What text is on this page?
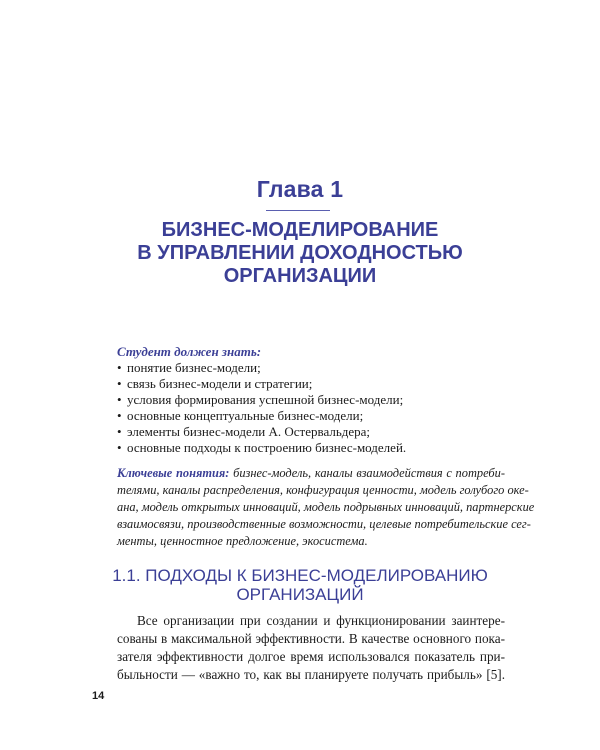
Глава 1
БИЗНЕС-МОДЕЛИРОВАНИЕ
В УПРАВЛЕНИИ ДОХОДНОСТЬЮ
ОРГАНИЗАЦИИ
Студент должен знать:
• понятие бизнес-модели;
• связь бизнес-модели и стратегии;
• условия формирования успешной бизнес-модели;
• основные концептуальные бизнес-модели;
• элементы бизнес-модели А. Остервальдера;
• основные подходы к построению бизнес-моделей.
Ключевые понятия: бизнес-модель, каналы взаимодействия с потреби-
телями, каналы распределения, конфигурация ценности, модель голубого оке-
ана, модель открытых инноваций, модель подрывных инноваций, партнерские
взаимосвязи, производственные возможности, целевые потребительские сег-
менты, ценностное предложение, экосистема.
1.1. ПОДХОДЫ К БИЗНЕС-МОДЕЛИРОВАНИЮ
ОРГАНИЗАЦИЙ
Все организации при создании и функционировании заинтере-
сованы в максимальной эффективности. В качестве основного пока-
зателя эффективности долгое время использовался показатель при-
быльности — «важно то, как вы планируете получать прибыль» [5].
14
